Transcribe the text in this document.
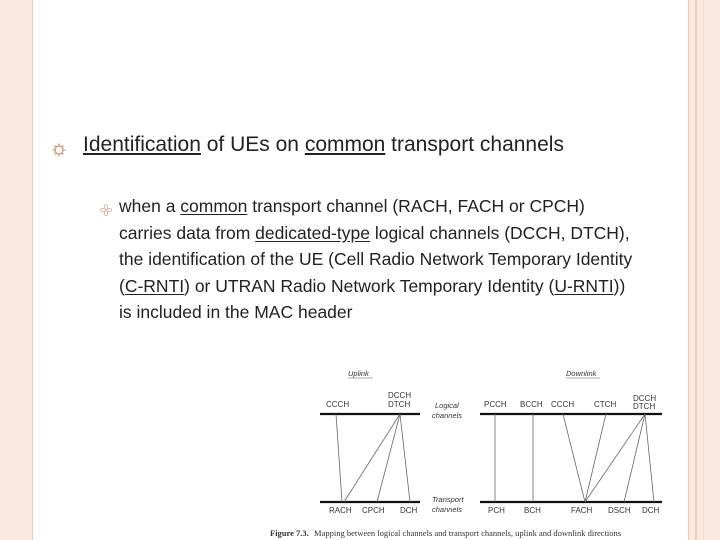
Identification of UEs on common transport channels

when a common transport channel (RACH, FACH or CPCH) carries data from dedicated-type logical channels (DCCH, DTCH), the identification of the UE (Cell Radio Network Temporary Identity (C-RNTI) or UTRAN Radio Network Temporary Identity (U-RNTI)) is included in the MAC header

Uplink	Downlink
CCCH
DCCH
DTCH	PCCH BCCH CCCH CTCH
DCCH
DTCH
Logical
channels
Transport
channels
RACH CPCH DCH	PCH BCH	FACH DSCH DCH
Figure 7.3. Mapping between logical channels and transport channels, uplink and downlink directions
